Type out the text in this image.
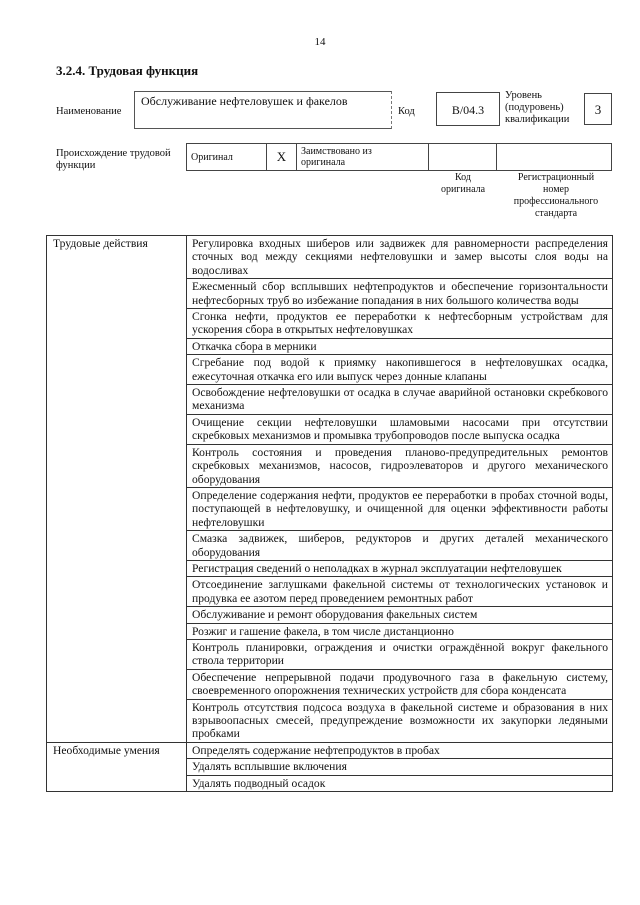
14
3.2.4. Трудовая функция
Наименование
Обслуживание нефтеловушек и факелов
Код	B/04.3
Уровень
(подуровень)
квалификации
3
Происхождение трудовой
функции
Оригинал	X	Заимствовано из
оригинала

Код
оригинала
Регистрационный
номер
профессионального
стандарта
Трудовые действия	Регулировка входных шиберов или задвижек для равномерности распределения сточных вод между секциями нефтеловушки и замер высоты слоя воды на водосливах
	Ежесменный сбор всплывших нефтепродуктов и обеспечение горизонтальности нефтесборных труб во избежание попадания в них большого количества воды
	Сгонка нефти, продуктов ее переработки к нефтесборным устройствам для ускорения сбора в открытых нефтеловушках
	Откачка сбора в мерники
	Сгребание под водой к приямку накопившегося в нефтеловушках осадка, ежесуточная откачка его или выпуск через донные клапаны
	Освобождение нефтеловушки от осадка в случае аварийной остановки скребкового механизма
	Очищение секции нефтеловушки шламовыми насосами при отсутствии скребковых механизмов и промывка трубопроводов после выпуска осадка
	Контроль состояния и проведения планово-предупредительных ремонтов скребковых механизмов, насосов, гидроэлеваторов и другого механического оборудования
	Определение содержания нефти, продуктов ее переработки в пробах сточной воды, поступающей в нефтеловушку, и очищенной для оценки эффективности работы нефтеловушки
	Смазка задвижек, шиберов, редукторов и других деталей механического оборудования
	Регистрация сведений о неполадках в журнал эксплуатации нефтеловушек
	Отсоединение заглушками факельной системы от технологических установок и продувка ее азотом перед проведением ремонтных работ
	Обслуживание и ремонт оборудования факельных систем
	Розжиг и гашение факела, в том числе дистанционно
	Контроль планировки, ограждения и очистки ограждённой вокруг факельного ствола территории
	Обеспечение непрерывной подачи продувочного газа в факельную систему, своевременного опорожнения технических устройств для сбора конденсата
	Контроль отсутствия подсоса воздуха в факельной системе и образования в них взрывоопасных смесей, предупреждение возможности их закупорки ледяными пробками
Необходимые умения	Определять содержание нефтепродуктов в пробах
	Удалять всплывшие включения
	Удалять подводный осадок
